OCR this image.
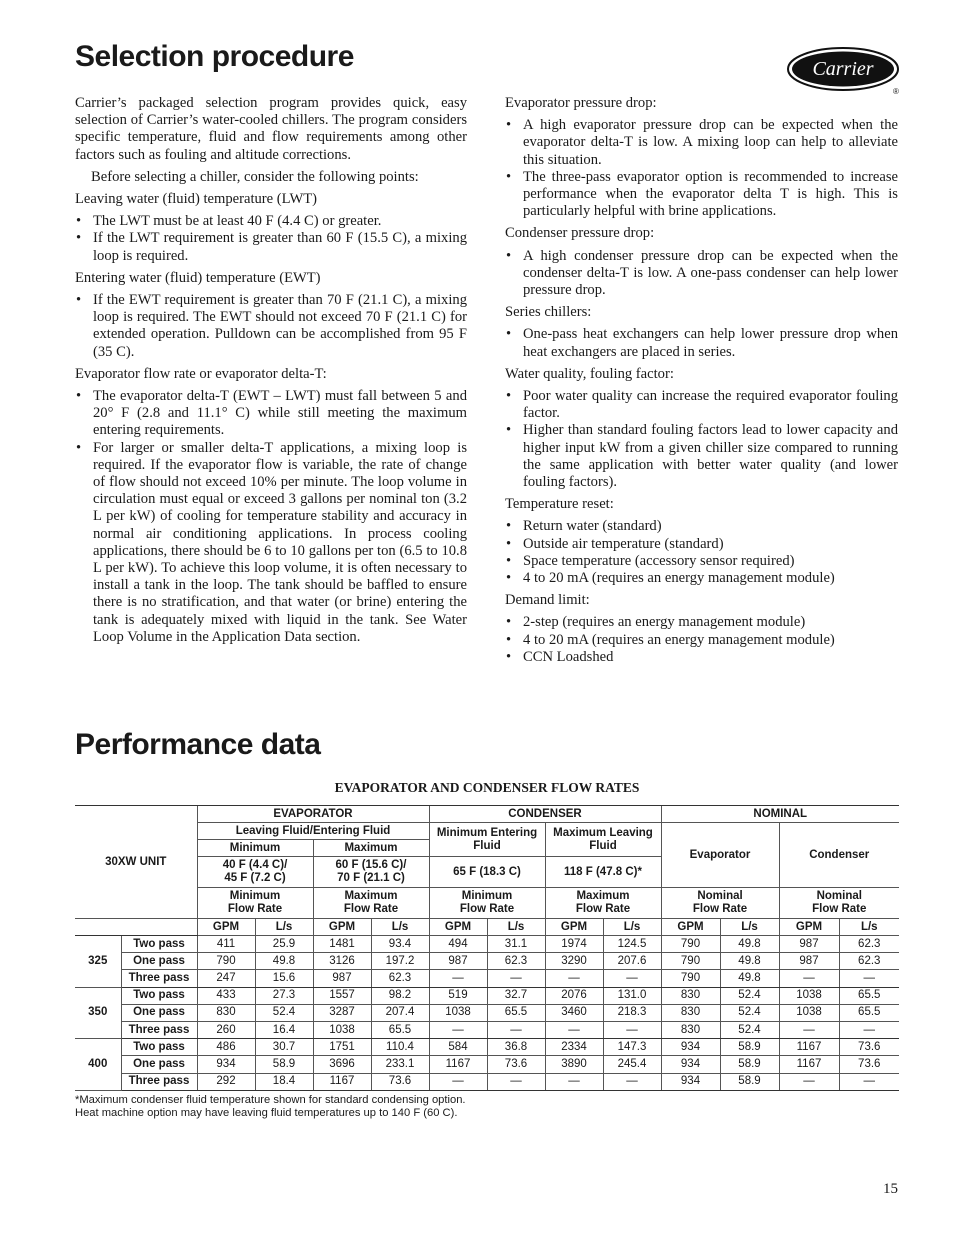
Selection procedure	Carrier
®

Carrier’s packaged selection program provides quick, easy selection of Carrier’s water-cooled chillers. The program considers specific temperature, fluid and flow requirements among other factors such as fouling and altitude corrections.

Before selecting a chiller, consider the following points:

Leaving water (fluid) temperature (LWT)

• The LWT must be at least 40 F (4.4 C) or greater.
• If the LWT requirement is greater than 60 F (15.5 C), a mixing loop is required.

Entering water (fluid) temperature (EWT)

• If the EWT requirement is greater than 70 F (21.1 C), a mixing loop is required. The EWT should not exceed 70 F (21.1 C) for extended operation. Pulldown can be accomplished from 95 F (35 C).

Evaporator flow rate or evaporator delta-T:

• The evaporator delta-T (EWT – LWT) must fall between 5 and 20° F (2.8 and 11.1° C) while still meeting the maximum entering requirements.
• For larger or smaller delta-T applications, a mixing loop is required. If the evaporator flow is variable, the rate of change of flow should not exceed 10% per minute. The loop volume in circulation must equal or exceed 3 gallons per nominal ton (3.2 L per kW) of cooling for temperature stability and accuracy in normal air conditioning applications. In process cooling applications, there should be 6 to 10 gallons per ton (6.5 to 10.8 L per kW). To achieve this loop volume, it is often necessary to install a tank in the loop. The tank should be baffled to ensure there is no stratification, and that water (or brine) entering the tank is adequately mixed with liquid in the tank. See Water Loop Volume in the Application Data section.

Evaporator pressure drop:

• A high evaporator pressure drop can be expected when the evaporator delta-T is low. A mixing loop can help to alleviate this situation.
• The three-pass evaporator option is recommended to increase performance when the evaporator delta T is high. This is particularly helpful with brine applications.

Condenser pressure drop:

• A high condenser pressure drop can be expected when the condenser delta-T is low. A one-pass condenser can help lower pressure drop.

Series chillers:

• One-pass heat exchangers can help lower pressure drop when heat exchangers are placed in series.

Water quality, fouling factor:

• Poor water quality can increase the required evaporator fouling factor.
• Higher than standard fouling factors lead to lower capacity and higher input kW from a given chiller size compared to running the same application with better water quality (and lower fouling factors).

Temperature reset:

• Return water (standard)
• Outside air temperature (standard)
• Space temperature (accessory sensor required)
• 4 to 20 mA (requires an energy management module)

Demand limit:

• 2-step (requires an energy management module)
• 4 to 20 mA (requires an energy management module)
• CCN Loadshed
Performance data
EVAPORATOR AND CONDENSER FLOW RATES
30XW UNIT		EVAPORATOR				CONDENSER				NOMINAL			
		Leaving Fluid/Entering Fluid				Minimum Entering Fluid		Maximum Leaving Fluid		Evaporator		Condenser	
		Minimum		Maximum									
		40 F (4.4 C)/
45 F (7.2 C)		60 F (15.6 C)/
70 F (21.1 C)		65 F (18.3 C)		118 F (47.8 C)*					
		Minimum
Flow Rate		Maximum
Flow Rate		Minimum
Flow Rate		Maximum
Flow Rate		Nominal
Flow Rate		Nominal
Flow Rate	
		GPM	L/s	GPM	L/s	GPM	L/s	GPM	L/s	GPM	L/s	GPM	L/s
325	Two pass	411	25.9	1481	93.4	494	31.1	1974	124.5	790	49.8	987	62.3
	One pass	790	49.8	3126	197.2	987	62.3	3290	207.6	790	49.8	987	62.3
	Three pass	247	15.6	987	62.3	—	—	—	—	790	49.8	—	—
350	Two pass	433	27.3	1557	98.2	519	32.7	2076	131.0	830	52.4	1038	65.5
	One pass	830	52.4	3287	207.4	1038	65.5	3460	218.3	830	52.4	1038	65.5
	Three pass	260	16.4	1038	65.5	—	—	—	—	830	52.4	—	—
400	Two pass	486	30.7	1751	110.4	584	36.8	2334	147.3	934	58.9	1167	73.6
	One pass	934	58.9	3696	233.1	1167	73.6	3890	245.4	934	58.9	1167	73.6
	Three pass	292	18.4	1167	73.6	—	—	—	—	934	58.9	—	—
*Maximum condenser fluid temperature shown for standard condensing option. Heat machine option may have leaving fluid temperatures up to 140 F (60 C).
15
